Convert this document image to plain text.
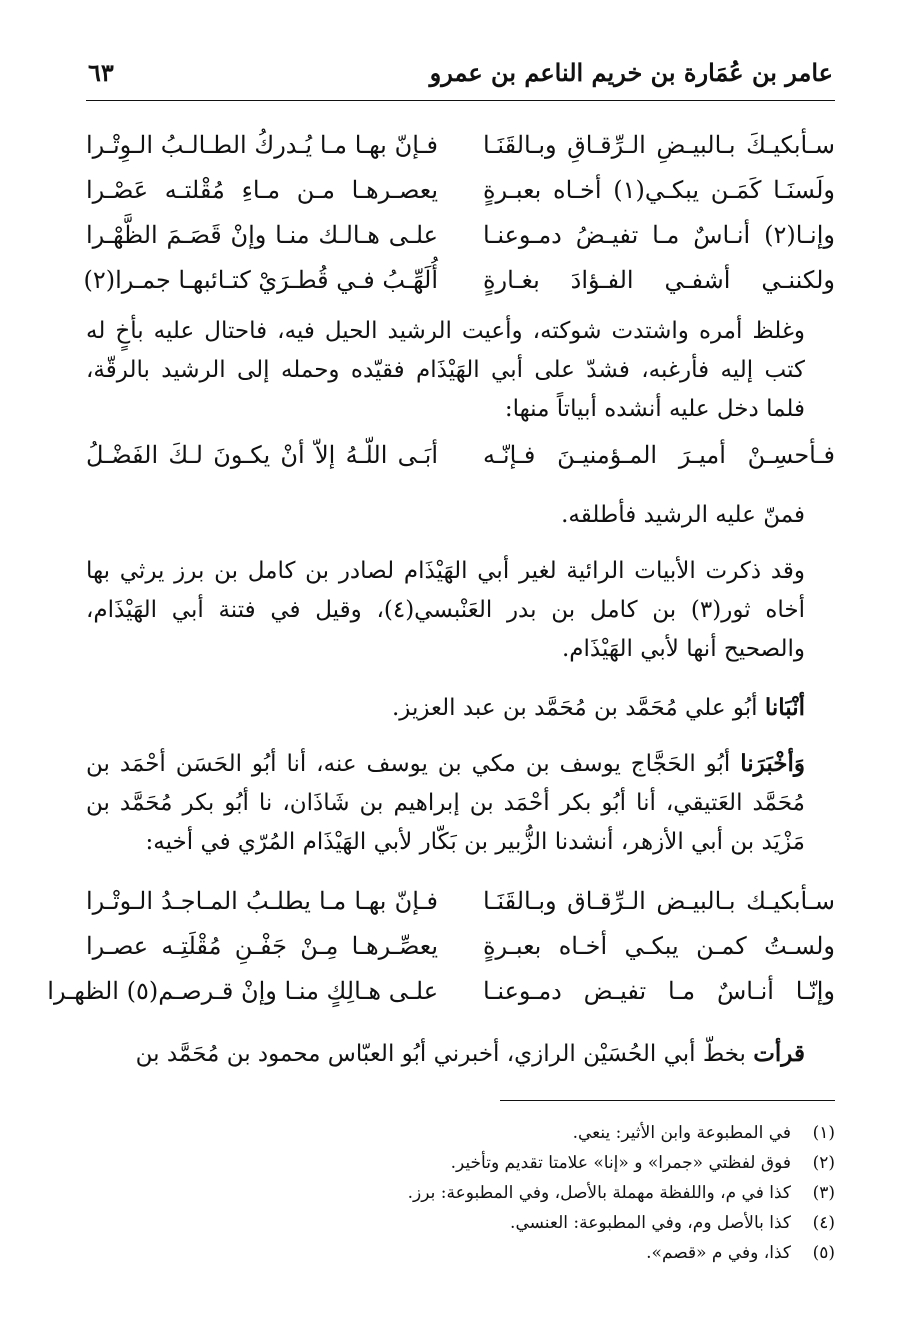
عامر بن عُمَارة بن خريم الناعم بن عمرو
٦٣
سـأبكيـكَ بـالبيـضِ الـرِّقـاقِ وبـالقَنَـا
فـإنّ بهـا مـا يُـدركُ الطـالـبُ الـوِتْـرا
ولَسنَـا كَمَـن يبكـي(١) أخـاه بعبـرةٍ
يعصـرهـا مـن مـاءِ مُقْلتـه عَصْـرا
وإنـا(٢) أنـاسٌ مـا تفيـضُ دمـوعنـا
علـى هـالـك منـا وإنْ قَصَـمَ الظَّهْـرا
ولكننـي أشفـي الفـؤادَ بغـارةٍ
أُلَهِّـبُ فـي قُطـرَيْ كتـائبهـا جمـرا(٢)

وغلظ أمره واشتدت شوكته، وأعيت الرشيد الحيل فيه، فاحتال عليه بأخٍ له كتب إليه فأرغبه، فشدّ على أبي الهَيْذَام فقيّده وحمله إلى الرشيد بالرقّة، فلما دخل عليه أنشده أبياتاً منها:

فـأحسِـنْ أميـرَ المـؤمنيـنَ فـإنّـه
أبَـى اللّـهُ إلاّ أنْ يكـونَ لـكَ الفَضْـلُ

فمنّ عليه الرشيد فأطلقه.

وقد ذكرت الأبيات الرائية لغير أبي الهَيْذَام لصادر بن كامل بن برز يرثي بها أخاه ثور(٣) بن كامل بن بدر العَنْبسي(٤)، وقيل في فتنة أبي الهَيْذَام، والصحيح أنها لأبي الهَيْذَام.

أنْبَانا أبُو علي مُحَمَّد بن مُحَمَّد بن عبد العزيز.

وَأخْبَرَنا أبُو الحَجَّاج يوسف بن مكي بن يوسف عنه، أنا أبُو الحَسَن أحْمَد بن مُحَمَّد العَتيقي، أنا أبُو بكر أحْمَد بن إبراهيم بن شَاذَان، نا أبُو بكر مُحَمَّد بن مَزْيَد بن أبي الأزهر، أنشدنا الزُّبير بن بَكّار لأبي الهَيْذَام المُرّي في أخيه:

سـأبكيـك بـالبيـض الـرِّقـاق وبـالقَنَـا
فـإنّ بهـا مـا يطلـبُ المـاجـدُ الـوتْـرا
ولسـتُ كمـن يبكـي أخـاه بعبـرةٍ
يعصِّـرهـا مِـنْ جَفْـنِ مُقْلَتِـه عصـرا
وإنّـا أنـاسٌ مـا تفيـض دمـوعنـا
علـى هـالِكٍ منـا وإنْ قـرصـم(٥) الظهـرا

قرأت بخطّ أبي الحُسَيْن الرازي، أخبرني أبُو العبّاس محمود بن مُحَمَّد بن

(١)
في المطبوعة وابن الأثير: ينعي.
(٢)
فوق لفظتي «جمرا» و «إنا» علامتا تقديم وتأخير.
(٣)
كذا في م، واللفظة مهملة بالأصل، وفي المطبوعة: برز.
(٤)
كذا بالأصل وم، وفي المطبوعة: العنسي.
(٥)
كذا، وفي م «قصم».
